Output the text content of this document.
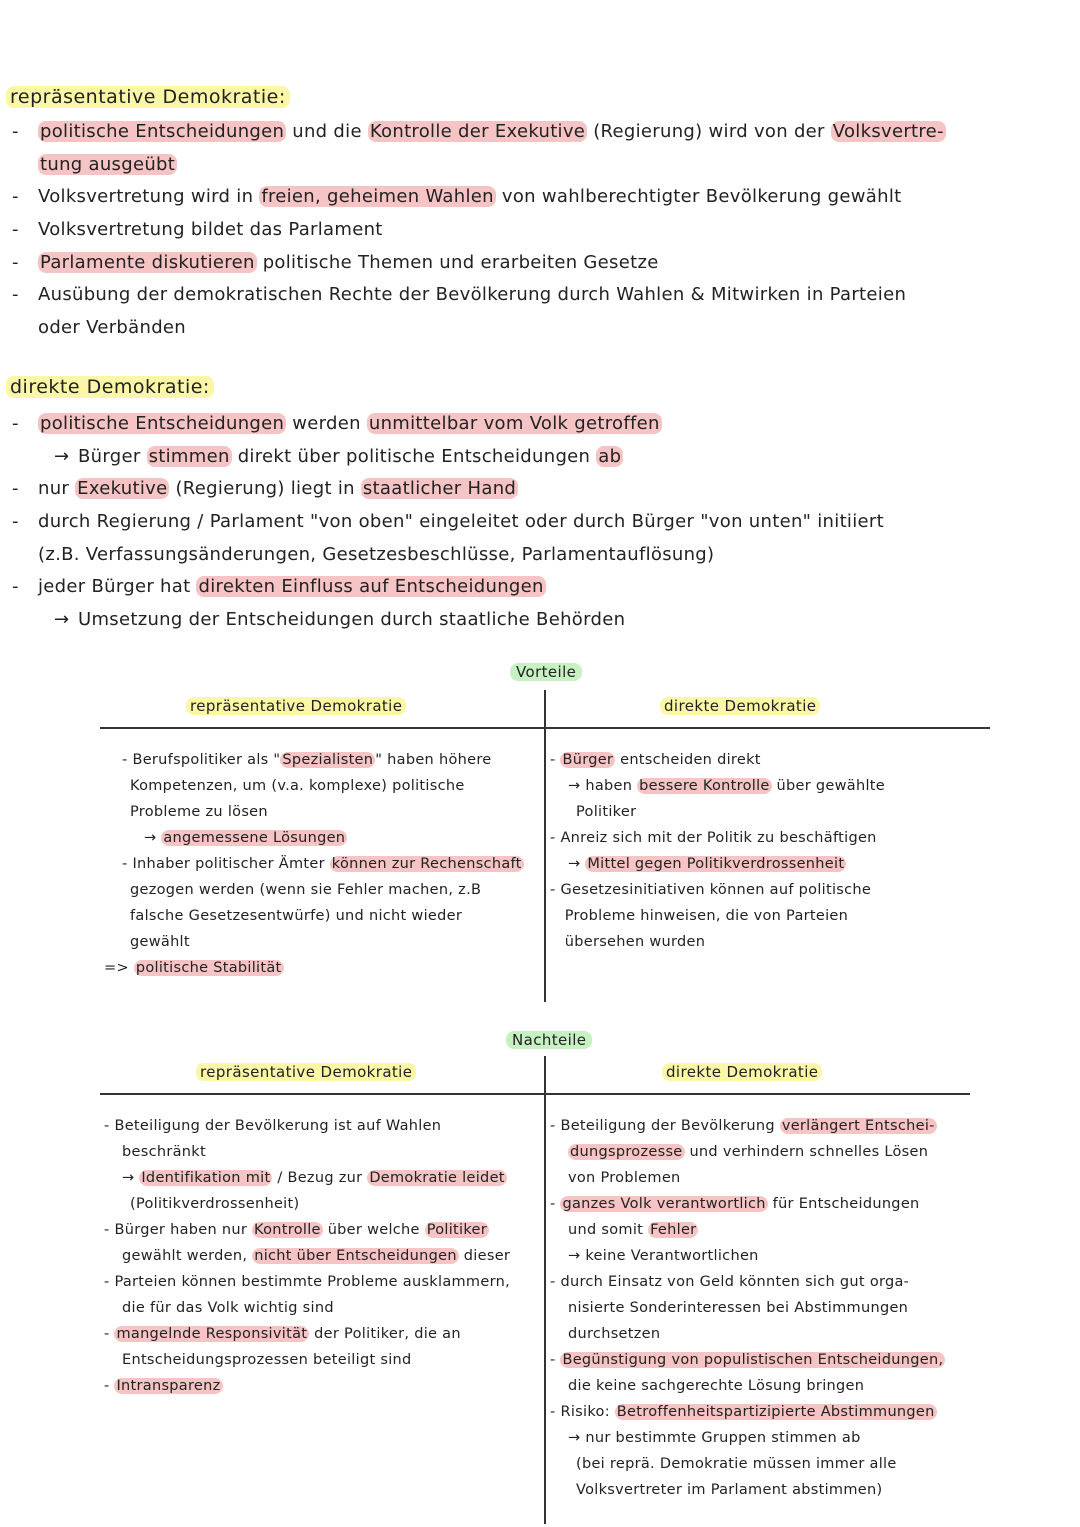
repräsentative Demokratie:
-politische Entscheidungen und die Kontrolle der Exekutive (Regierung) wird von der Volksvertre-
tung ausgeübt
-Volksvertretung wird in freien, geheimen Wahlen von wahlberechtigter Bevölkerung gewählt
-Volksvertretung bildet das Parlament
-Parlamente diskutieren politische Themen und erarbeiten Gesetze
-Ausübung der demokratischen Rechte der Bevölkerung durch Wahlen & Mitwirken in Parteien
oder Verbänden
direkte Demokratie:
-politische Entscheidungen werden unmittelbar vom Volk getroffen
→Bürger stimmen direkt über politische Entscheidungen ab
-nur Exekutive (Regierung) liegt in staatlicher Hand
-durch Regierung / Parlament "von oben" eingeleitet oder durch Bürger "von unten" initiiert
(z.B. Verfassungsänderungen, Gesetzesbeschlüsse, Parlamentauflösung)
-jeder Bürger hat direkten Einfluss auf Entscheidungen
→Umsetzung der Entscheidungen durch staatliche Behörden
Vorteile
repräsentative Demokratie	direkte Demokratie
- Berufspolitiker als " Spezialisten " haben höhere
Kompetenzen, um (v.a. komplexe) politische
Probleme zu lösen
→ angemessene Lösungen
- Inhaber politischer Ämter können zur Rechenschaft
gezogen werden (wenn sie Fehler machen, z.B
falsche Gesetzesentwürfe) und nicht wieder
gewählt
=> politische Stabilität
- Bürger entscheiden direkt
→ haben bessere Kontrolle über gewählte
Politiker
- Anreiz sich mit der Politik zu beschäftigen
→ Mittel gegen Politikverdrossenheit
- Gesetzesinitiativen können auf politische
Probleme hinweisen, die von Parteien
übersehen wurden
Nachteile
repräsentative Demokratie	direkte Demokratie
- Beteiligung der Bevölkerung ist auf Wahlen
beschränkt
→ Identifikation mit / Bezug zur Demokratie leidet
(Politikverdrossenheit)
- Bürger haben nur Kontrolle über welche Politiker
gewählt werden, nicht über Entscheidungen dieser
- Parteien können bestimmte Probleme ausklammern,
die für das Volk wichtig sind
- mangelnde Responsivität der Politiker, die an
Entscheidungsprozessen beteiligt sind
- Intransparenz
- Beteiligung der Bevölkerung verlängert Entschei-
dungsprozesse und verhindern schnelles Lösen
von Problemen
- ganzes Volk verantwortlich für Entscheidungen
und somit Fehler
→ keine Verantwortlichen
- durch Einsatz von Geld könnten sich gut orga-
nisierte Sonderinteressen bei Abstimmungen
durchsetzen
- Begünstigung von populistischen Entscheidungen,
die keine sachgerechte Lösung bringen
- Risiko: Betroffenheitspartizipierte Abstimmungen
→ nur bestimmte Gruppen stimmen ab
(bei reprä. Demokratie müssen immer alle
Volksvertreter im Parlament abstimmen)
